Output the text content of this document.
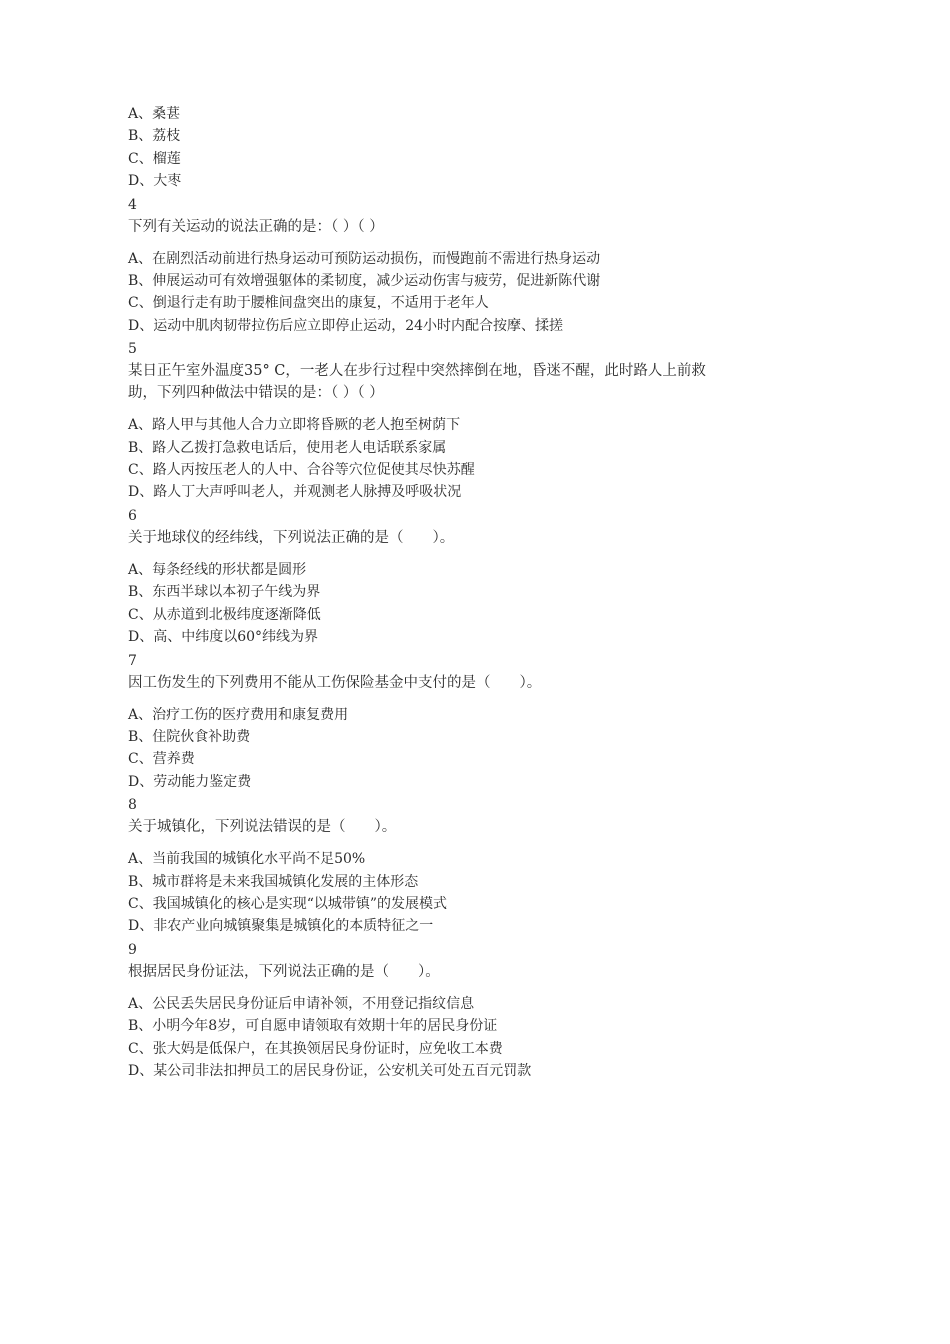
A、桑葚
B、荔枝
C、榴莲
D、大枣
4
下列有关运动的说法正确的是：（ ）（ ）
A、在剧烈活动前进行热身运动可预防运动损伤，而慢跑前不需进行热身运动
B、伸展运动可有效增强躯体的柔韧度，减少运动伤害与疲劳，促进新陈代谢
C、倒退行走有助于腰椎间盘突出的康复，不适用于老年人
D、运动中肌肉韧带拉伤后应立即停止运动，24小时内配合按摩、揉搓
5
某日正午室外温度35° C，一老人在步行过程中突然摔倒在地，昏迷不醒，此时路人上前救助，下列四种做法中错误的是：（ ）（ ）
A、路人甲与其他人合力立即将昏厥的老人抱至树荫下
B、路人乙拨打急救电话后，使用老人电话联系家属
C、路人丙按压老人的人中、合谷等穴位促使其尽快苏醒
D、路人丁大声呼叫老人，并观测老人脉搏及呼吸状况
6
关于地球仪的经纬线，下列说法正确的是（　　）。
A、每条经线的形状都是圆形
B、东西半球以本初子午线为界
C、从赤道到北极纬度逐渐降低
D、高、中纬度以60°纬线为界
7
因工伤发生的下列费用不能从工伤保险基金中支付的是（　　）。
A、治疗工伤的医疗费用和康复费用
B、住院伙食补助费
C、营养费
D、劳动能力鉴定费
8
关于城镇化，下列说法错误的是（　　）。
A、当前我国的城镇化水平尚不足50%
B、城市群将是未来我国城镇化发展的主体形态
C、我国城镇化的核心是实现“以城带镇”的发展模式
D、非农产业向城镇聚集是城镇化的本质特征之一
9
根据居民身份证法，下列说法正确的是（　　）。
A、公民丢失居民身份证后申请补领，不用登记指纹信息
B、小明今年8岁，可自愿申请领取有效期十年的居民身份证
C、张大妈是低保户，在其换领居民身份证时，应免收工本费
D、某公司非法扣押员工的居民身份证，公安机关可处五百元罚款
